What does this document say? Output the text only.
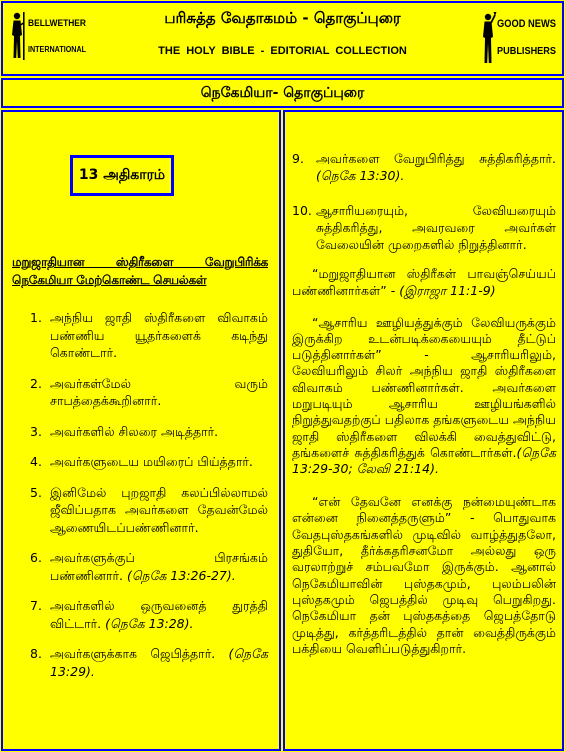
BELLWETHER
INTERNATIONAL
பரிசுத்த வேதாகமம் - தொகுப்புரை
THE HOLY BIBLE - EDITORIAL COLLECTION
GOOD NEWS
PUBLISHERS
நெகேமியா- தொகுப்புரை
13 அதிகாரம்
மறுஜாதியான ஸ்திரீகளை வேறுபிரிக்க நெகேமியா மேற்கொண்ட செயல்கள்
1. அந்நிய ஜாதி ஸ்திரீகளை விவாகம் பண்ணிய யூதர்களைக் கடிந்து கொண்டார்.
2. அவர்கள்மேல் வரும் சாபத்தைக்கூறினார்.
3. அவர்களில் சிலரை அடித்தார்.
4. அவர்களுடைய மயிரைப் பிய்த்தார்.
5. இனிமேல் புறஜாதி கலப்பில்லாமல் ஜீவிப்பதாக அவர்களை தேவன்மேல் ஆணையிடப்பண்ணினார்.
6. அவர்களுக்குப் பிரசங்கம் பண்ணினார். (நெகே 13:26-27).
7. அவர்களில் ஒருவனைத் துரத்தி விட்டார். (நெகே 13:28).
8. அவர்களுக்காக ஜெபித்தார். (நெகே 13:29).
9. அவர்களை வேறுபிரித்து சுத்திகரித்தார். (நெகே 13:30).
10. ஆசாரியரையும், லேவியரையும் சுத்திகரித்து, அவரவரை அவர்கள் வேலையின் முறைகளில் நிறுத்தினார்.
“மறுஜாதியான ஸ்திரீகள் பாவஞ்செய்யப் பண்ணினார்கள்” - (இராஜா 11:1-9)
“ஆசாரிய ஊழியத்துக்கும் லேவியருக்கும் இருக்கிற உடன்படிக்கையையும் தீட்டுப் படுத்தினார்கள்” - ஆசாரியரிலும், லேவியரிலும் சிலர் அந்நிய ஜாதி ஸ்திரீகளை விவாகம் பண்ணினார்கள். அவர்களை மறுபடியும் ஆசாரிய ஊழியங்களில் நிறுத்துவதற்குப் பதிலாக தங்களுடைய அந்நிய ஜாதி ஸ்திரீகளை விலக்கி வைத்துவிட்டு, தங்களைச் சுத்திகரித்துக் கொண்டார்கள்.(நெகே 13:29-30; லேவி 21:14).
“என் தேவனே எனக்கு நன்மையுண்டாக என்னை நினைத்தருளும்” - பொதுவாக வேதபுஸ்தகங்களில் முடிவில் வாழ்த்துதலோ, துதியோ, தீர்க்கதரிசனமோ அல்லது ஒரு வரலாற்றுச் சம்பவமோ இருக்கும். ஆனால் நெகேமியாவின் புஸ்தகமும், புலம்பலின் புஸ்தகமும் ஜெபத்தில் முடிவு பெறுகிறது. நெகேமியா தன் புஸ்தகத்தை ஜெபத்தோடு முடித்து, கர்த்தரிடத்தில் தான் வைத்திருக்கும் பக்தியை வெளிப்படுத்துகிறார்.
